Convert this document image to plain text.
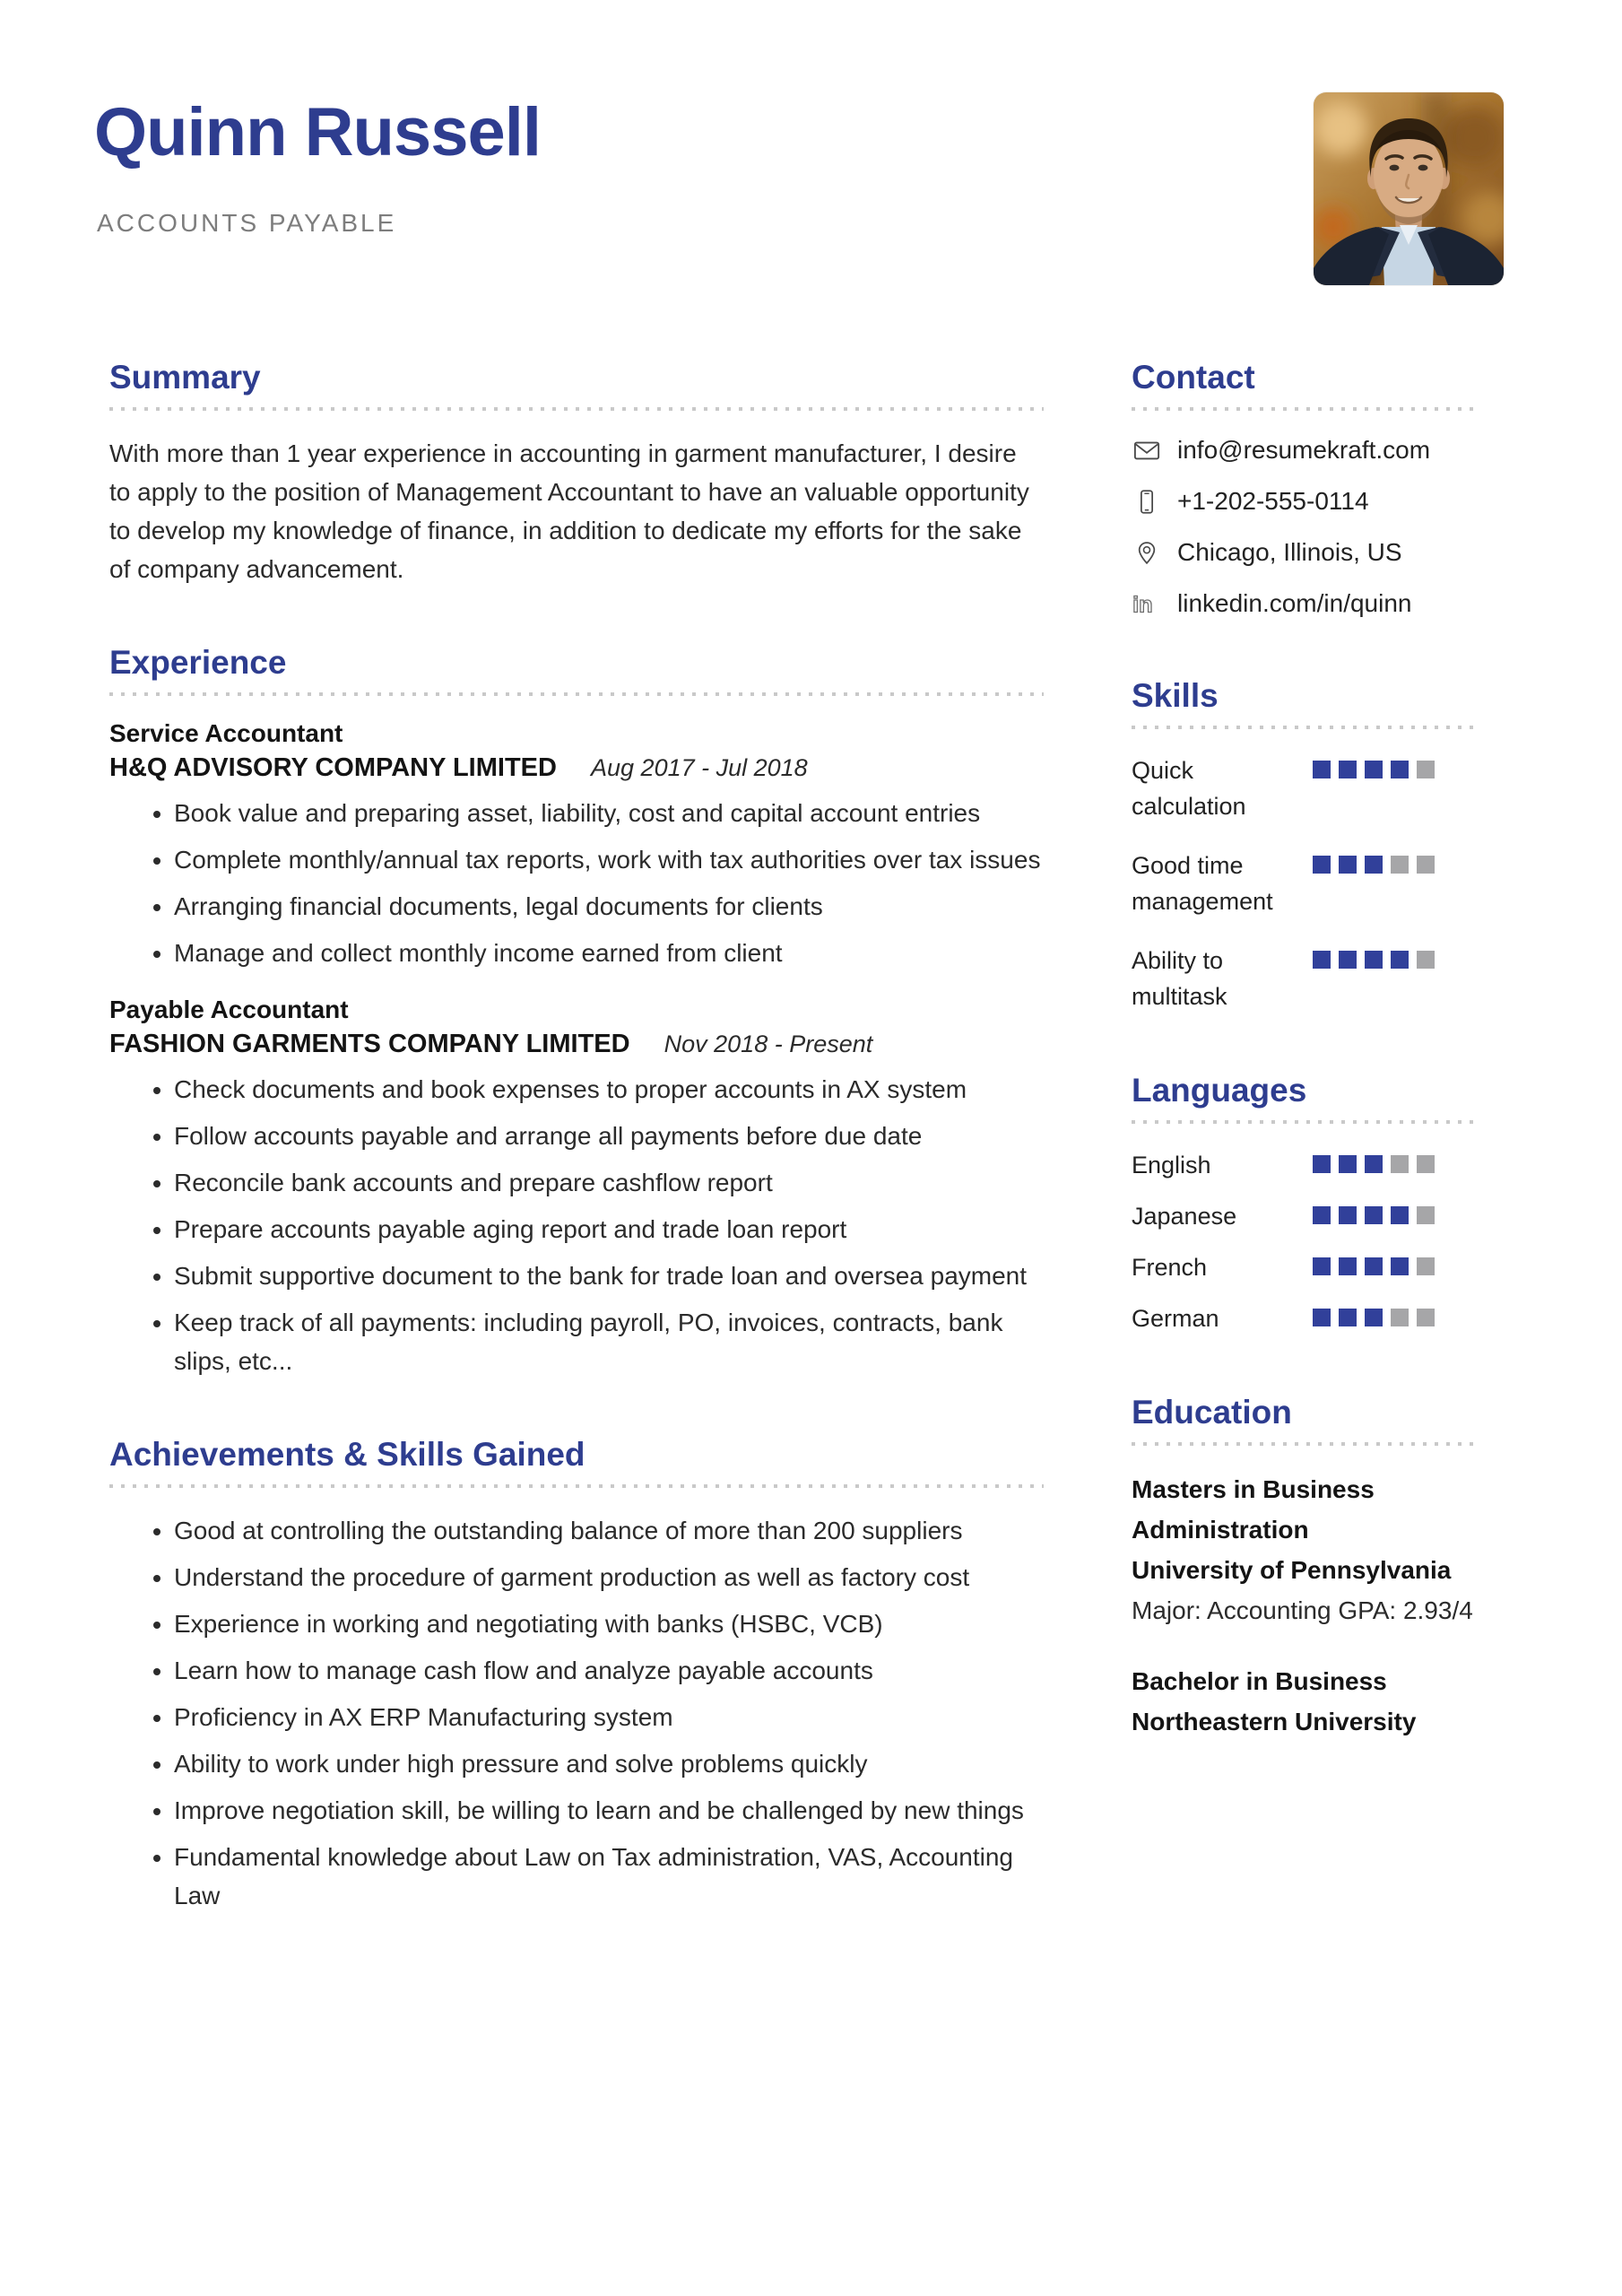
Quinn Russell
ACCOUNTS PAYABLE
Summary

With more than 1 year experience in accounting in garment manufacturer, I desire to apply to the position of Management Accountant to have an valuable opportunity to develop my knowledge of finance, in addition to dedicate my efforts for the sake of company advancement.

Experience
Service Accountant
H&Q ADVISORY COMPANY LIMITED Aug 2017 - Jul 2018
• Book value and preparing asset, liability, cost and capital account entries
• Complete monthly/annual tax reports, work with tax authorities over tax issues
• Arranging financial documents, legal documents for clients
• Manage and collect monthly income earned from client
Payable Accountant
FASHION GARMENTS COMPANY LIMITED Nov 2018 - Present
• Check documents and book expenses to proper accounts in AX system
• Follow accounts payable and arrange all payments before due date
• Reconcile bank accounts and prepare cashflow report
• Prepare accounts payable aging report and trade loan report
• Submit supportive document to the bank for trade loan and oversea payment
• Keep track of all payments: including payroll, PO, invoices, contracts, bank slips, etc...
Achievements & Skills Gained
• Good at controlling the outstanding balance of more than 200 suppliers
• Understand the procedure of garment production as well as factory cost
• Experience in working and negotiating with banks (HSBC, VCB)
• Learn how to manage cash flow and analyze payable accounts
• Proficiency in AX ERP Manufacturing system
• Ability to work under high pressure and solve problems quickly
• Improve negotiation skill, be willing to learn and be challenged by new things
• Fundamental knowledge about Law on Tax administration, VAS, Accounting Law
Contact
info@resumekraft.com
+1-202-555-0114
Chicago, Illinois, US
in linkedin.com/in/quinn
Skills
Quick calculation
Good time management
Ability to multitask
Languages
English
Japanese
French
German
Education
Masters in Business Administration
University of Pennsylvania
Major: Accounting GPA: 2.93/4
Bachelor in Business
Northeastern University
